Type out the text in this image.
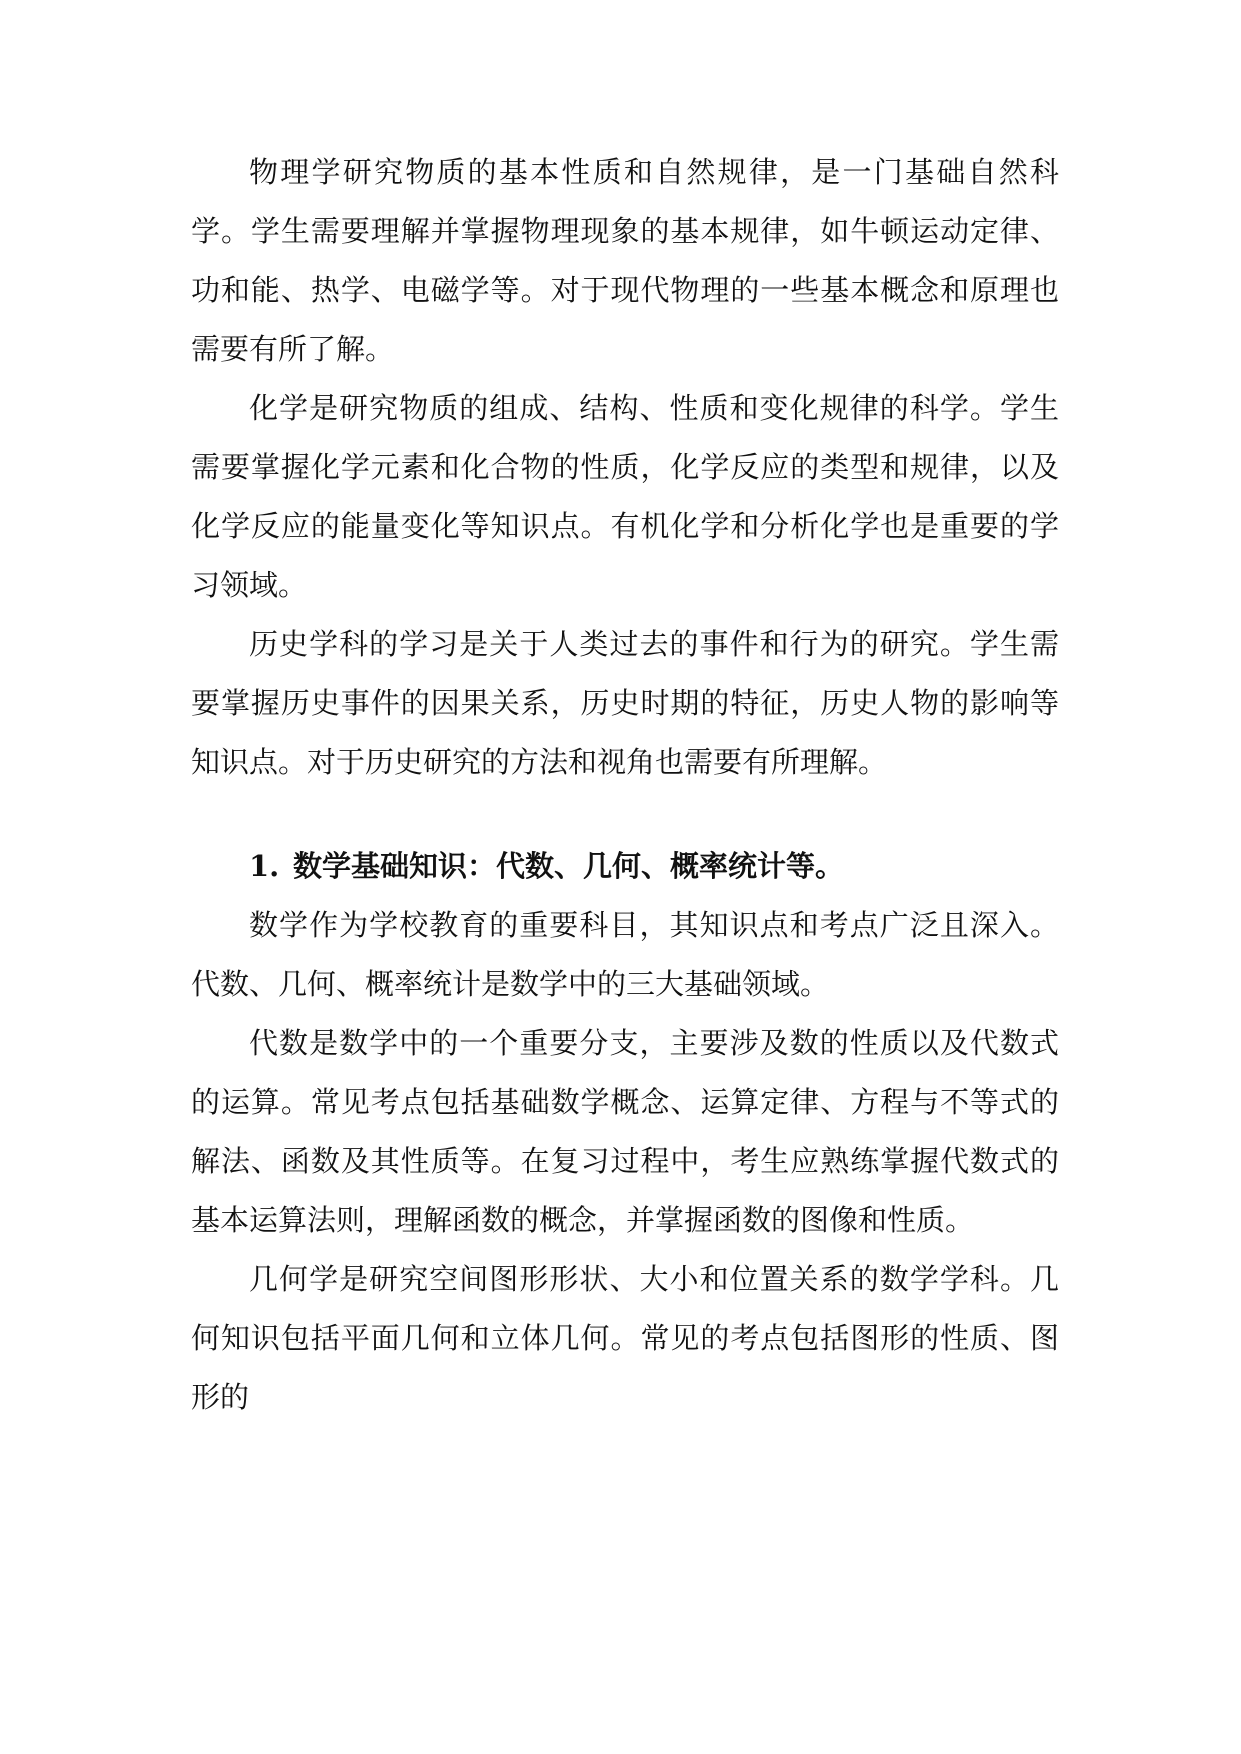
物理学研究物质的基本性质和自然规律，是一门基础自然科学。学生需要理解并掌握物理现象的基本规律，如牛顿运动定律、功和能、热学、电磁学等。对于现代物理的一些基本概念和原理也需要有所了解。

化学是研究物质的组成、结构、性质和变化规律的科学。学生需要掌握化学元素和化合物的性质，化学反应的类型和规律，以及化学反应的能量变化等知识点。有机化学和分析化学也是重要的学习领域。

历史学科的学习是关于人类过去的事件和行为的研究。学生需要掌握历史事件的因果关系，历史时期的特征，历史人物的影响等知识点。对于历史研究的方法和视角也需要有所理解。

1. 数学基础知识：代数、几何、概率统计等。

数学作为学校教育的重要科目，其知识点和考点广泛且深入。代数、几何、概率统计是数学中的三大基础领域。

代数是数学中的一个重要分支，主要涉及数的性质以及代数式的运算。常见考点包括基础数学概念、运算定律、方程与不等式的解法、函数及其性质等。在复习过程中，考生应熟练掌握代数式的基本运算法则，理解函数的概念，并掌握函数的图像和性质。

几何学是研究空间图形形状、大小和位置关系的数学学科。几何知识包括平面几何和立体几何。常见的考点包括图形的性质、图形的
